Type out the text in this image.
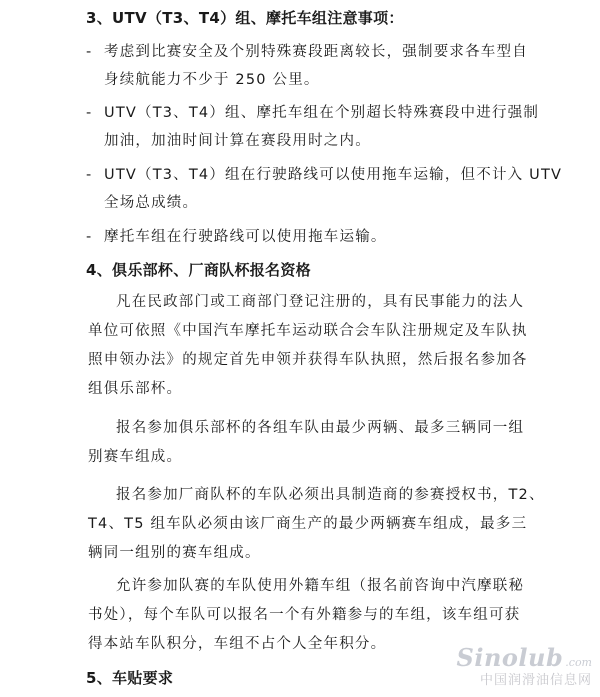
3、UTV（T3、T4）组、摩托车组注意事项：
- 考虑到比赛安全及个别特殊赛段距离较长，强制要求各车型自
身续航能力不少于 250 公里。
- UTV（T3、T4）组、摩托车组在个别超长特殊赛段中进行强制
加油，加油时间计算在赛段用时之内。
- UTV（T3、T4）组在行驶路线可以使用拖车运输，但不计入 UTV
全场总成绩。
- 摩托车组在行驶路线可以使用拖车运输。
4、俱乐部杯、厂商队杯报名资格
凡在民政部门或工商部门登记注册的，具有民事能力的法人
单位可依照《中国汽车摩托车运动联合会车队注册规定及车队执
照申领办法》的规定首先申领并获得车队执照，然后报名参加各
组俱乐部杯。
报名参加俱乐部杯的各组车队由最少两辆、最多三辆同一组
别赛车组成。
报名参加厂商队杯的车队必须出具制造商的参赛授权书，T2、
T4、T5 组车队必须由该厂商生产的最少两辆赛车组成，最多三
辆同一组别的赛车组成。
允许参加队赛的车队使用外籍车组（报名前咨询中汽摩联秘
书处），每个车队可以报名一个有外籍参与的车组，该车组可获
得本站车队积分，车组不占个人全年积分。
5、车贴要求
Sinolub .com
中国润滑油信息网
